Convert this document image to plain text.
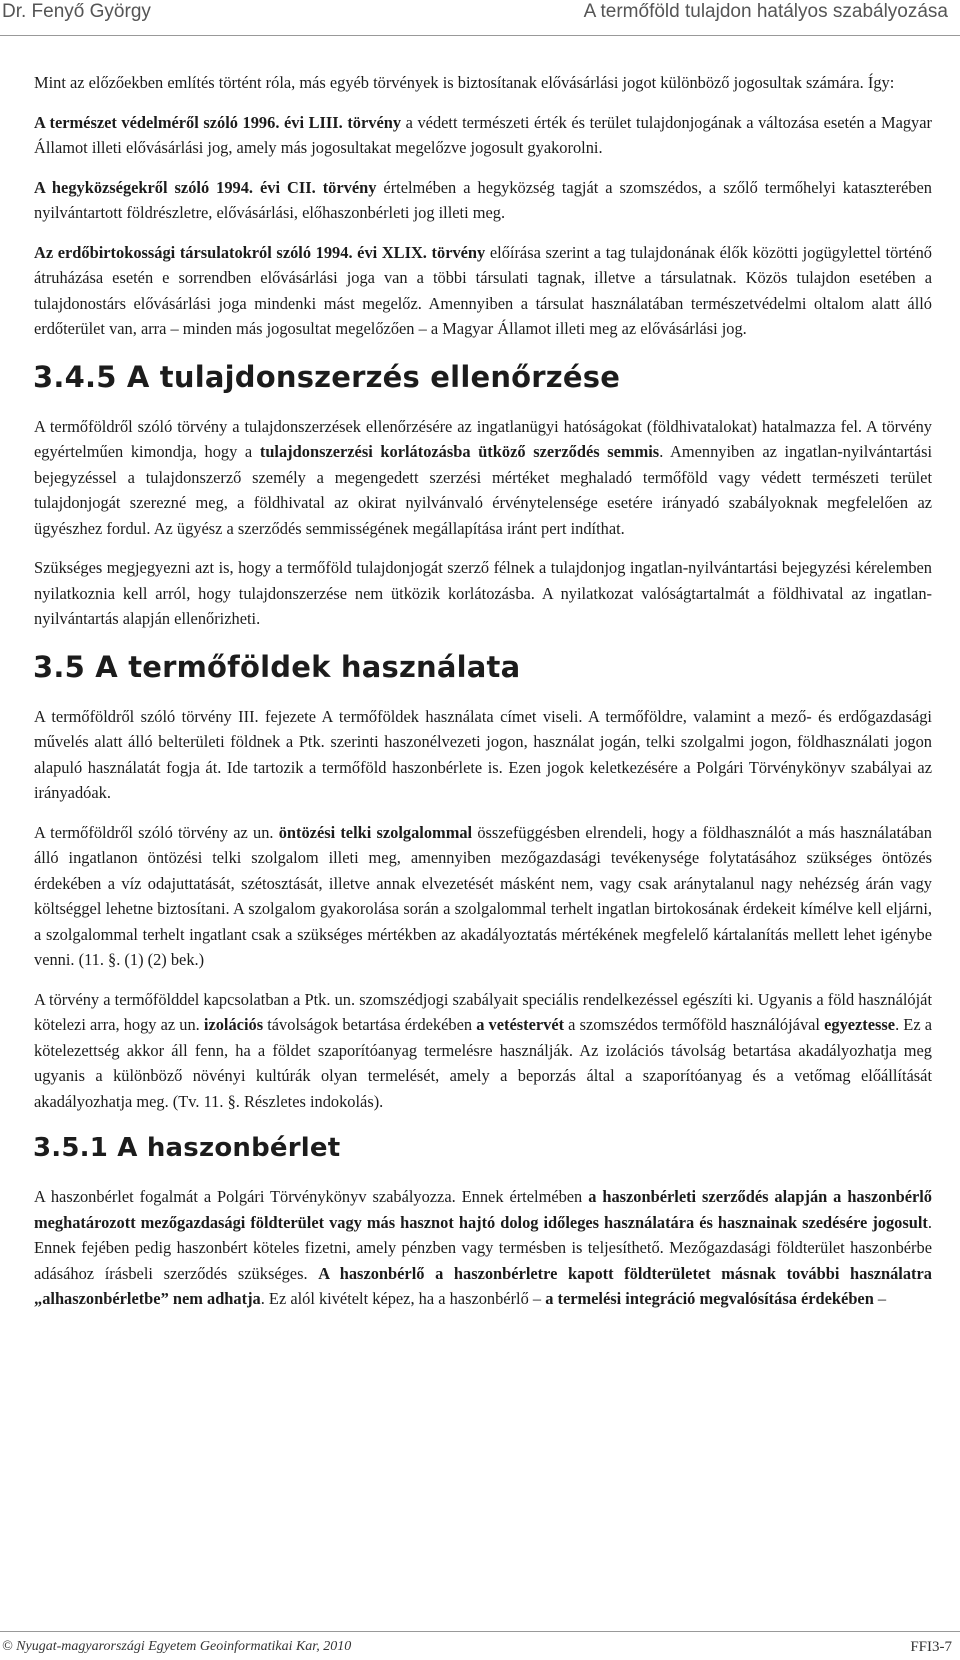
Dr. Fenyő György	A termőföld tulajdon hatályos szabályozása

Mint az előzőekben említés történt róla, más egyéb törvények is biztosítanak elővásárlási jogot különböző jogosultak számára. Így:

A természet védelméről szóló 1996. évi LIII. törvény a védett természeti érték és terület tulajdonjogának a változása esetén a Magyar Államot illeti elővásárlási jog, amely más jogosultakat megelőzve jogosult gyakorolni.

A hegyközségekről szóló 1994. évi CII. törvény értelmében a hegyközség tagját a szomszédos, a szőlő termőhelyi kataszterében nyilvántartott földrészletre, elővásárlási, előhaszonbérleti jog illeti meg.

Az erdőbirtokossági társulatokról szóló 1994. évi XLIX. törvény előírása szerint a tag tulajdonának élők közötti jogügylettel történő átruházása esetén e sorrendben elővásárlási joga van a többi társulati tagnak, illetve a társulatnak. Közös tulajdon esetében a tulajdonostárs elővásárlási joga mindenki mást megelőz. Amennyiben a társulat használatában természetvédelmi oltalom alatt álló erdőterület van, arra – minden más jogosultat megelőzően – a Magyar Államot illeti meg az elővásárlási jog.

3.4.5 A tulajdonszerzés ellenőrzése

A termőföldről szóló törvény a tulajdonszerzések ellenőrzésére az ingatlanügyi hatóságokat (földhivatalokat) hatalmazza fel. A törvény egyértelműen kimondja, hogy a tulajdonszerzési korlátozásba ütköző szerződés semmis. Amennyiben az ingatlan-nyilvántartási bejegyzéssel a tulajdonszerző személy a megengedett szerzési mértéket meghaladó termőföld vagy védett természeti terület tulajdonjogát szerezné meg, a földhivatal az okirat nyilvánvaló érvénytelensége esetére irányadó szabályoknak megfelelően az ügyészhez fordul. Az ügyész a szerződés semmisségének megállapítása iránt pert indíthat.

Szükséges megjegyezni azt is, hogy a termőföld tulajdonjogát szerző félnek a tulajdonjog ingatlan-nyilvántartási bejegyzési kérelemben nyilatkoznia kell arról, hogy tulajdonszerzése nem ütközik korlátozásba. A nyilatkozat valóságtartalmát a földhivatal az ingatlan-nyilvántartás alapján ellenőrizheti.

3.5 A termőföldek használata

A termőföldről szóló törvény III. fejezete A termőföldek használata címet viseli. A termőföldre, valamint a mező- és erdőgazdasági művelés alatt álló belterületi földnek a Ptk. szerinti haszonélvezeti jogon, használat jogán, telki szolgalmi jogon, földhasználati jogon alapuló használatát fogja át. Ide tartozik a termőföld haszonbérlete is. Ezen jogok keletkezésére a Polgári Törvénykönyv szabályai az irányadóak.

A termőföldről szóló törvény az un. öntözési telki szolgalommal összefüggésben elrendeli, hogy a földhasználót a más használatában álló ingatlanon öntözési telki szolgalom illeti meg, amennyiben mezőgazdasági tevékenysége folytatásához szükséges öntözés érdekében a víz odajuttatását, szétosztását, illetve annak elvezetését másként nem, vagy csak aránytalanul nagy nehézség árán vagy költséggel lehetne biztosítani. A szolgalom gyakorolása során a szolgalommal terhelt ingatlan birtokosának érdekeit kímélve kell eljárni, a szolgalommal terhelt ingatlant csak a szükséges mértékben az akadályoztatás mértékének megfelelő kártalanítás mellett lehet igénybe venni. (11. §. (1) (2) bek.)

A törvény a termőfölddel kapcsolatban a Ptk. un. szomszédjogi szabályait speciális rendelkezéssel egészíti ki. Ugyanis a föld használóját kötelezi arra, hogy az un. izolációs távolságok betartása érdekében a vetéstervét a szomszédos termőföld használójával egyeztesse. Ez a kötelezettség akkor áll fenn, ha a földet szaporítóanyag termelésre használják. Az izolációs távolság betartása akadályozhatja meg ugyanis a különböző növényi kultúrák olyan termelését, amely a beporzás által a szaporítóanyag és a vetőmag előállítását akadályozhatja meg. (Tv. 11. §. Részletes indokolás).

3.5.1 A haszonbérlet

A haszonbérlet fogalmát a Polgári Törvénykönyv szabályozza. Ennek értelmében a haszonbérleti szerződés alapján a haszonbérlő meghatározott mezőgazdasági földterület vagy más hasznot hajtó dolog időleges használatára és hasznainak szedésére jogosult. Ennek fejében pedig haszonbért köteles fizetni, amely pénzben vagy termésben is teljesíthető. Mezőgazdasági földterület haszonbérbe adásához írásbeli szerződés szükséges. A haszonbérlő a haszonbérletre kapott földterületet másnak további használatra „alhaszonbérletbe” nem adhatja. Ez alól kivételt képez, ha a haszonbérlő – a termelési integráció megvalósítása érdekében –

© Nyugat-magyarországi Egyetem Geoinformatikai Kar, 2010	FFI3-7
